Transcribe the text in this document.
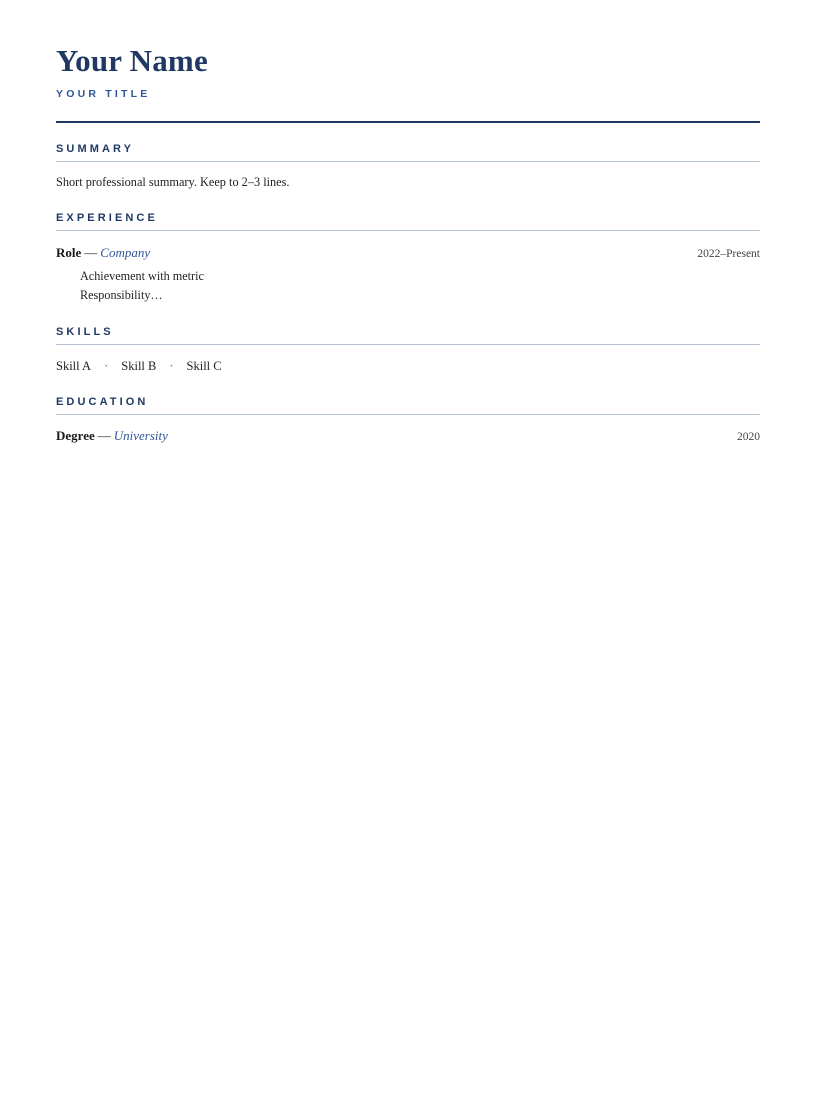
Your Name
YOUR TITLE
SUMMARY
Short professional summary. Keep to 2–3 lines.
EXPERIENCE
Role — Company	2022–Present
Achievement with metric
Responsibility…
SKILLS
Skill A	·	Skill B	·	Skill C
EDUCATION
Degree — University	2020
